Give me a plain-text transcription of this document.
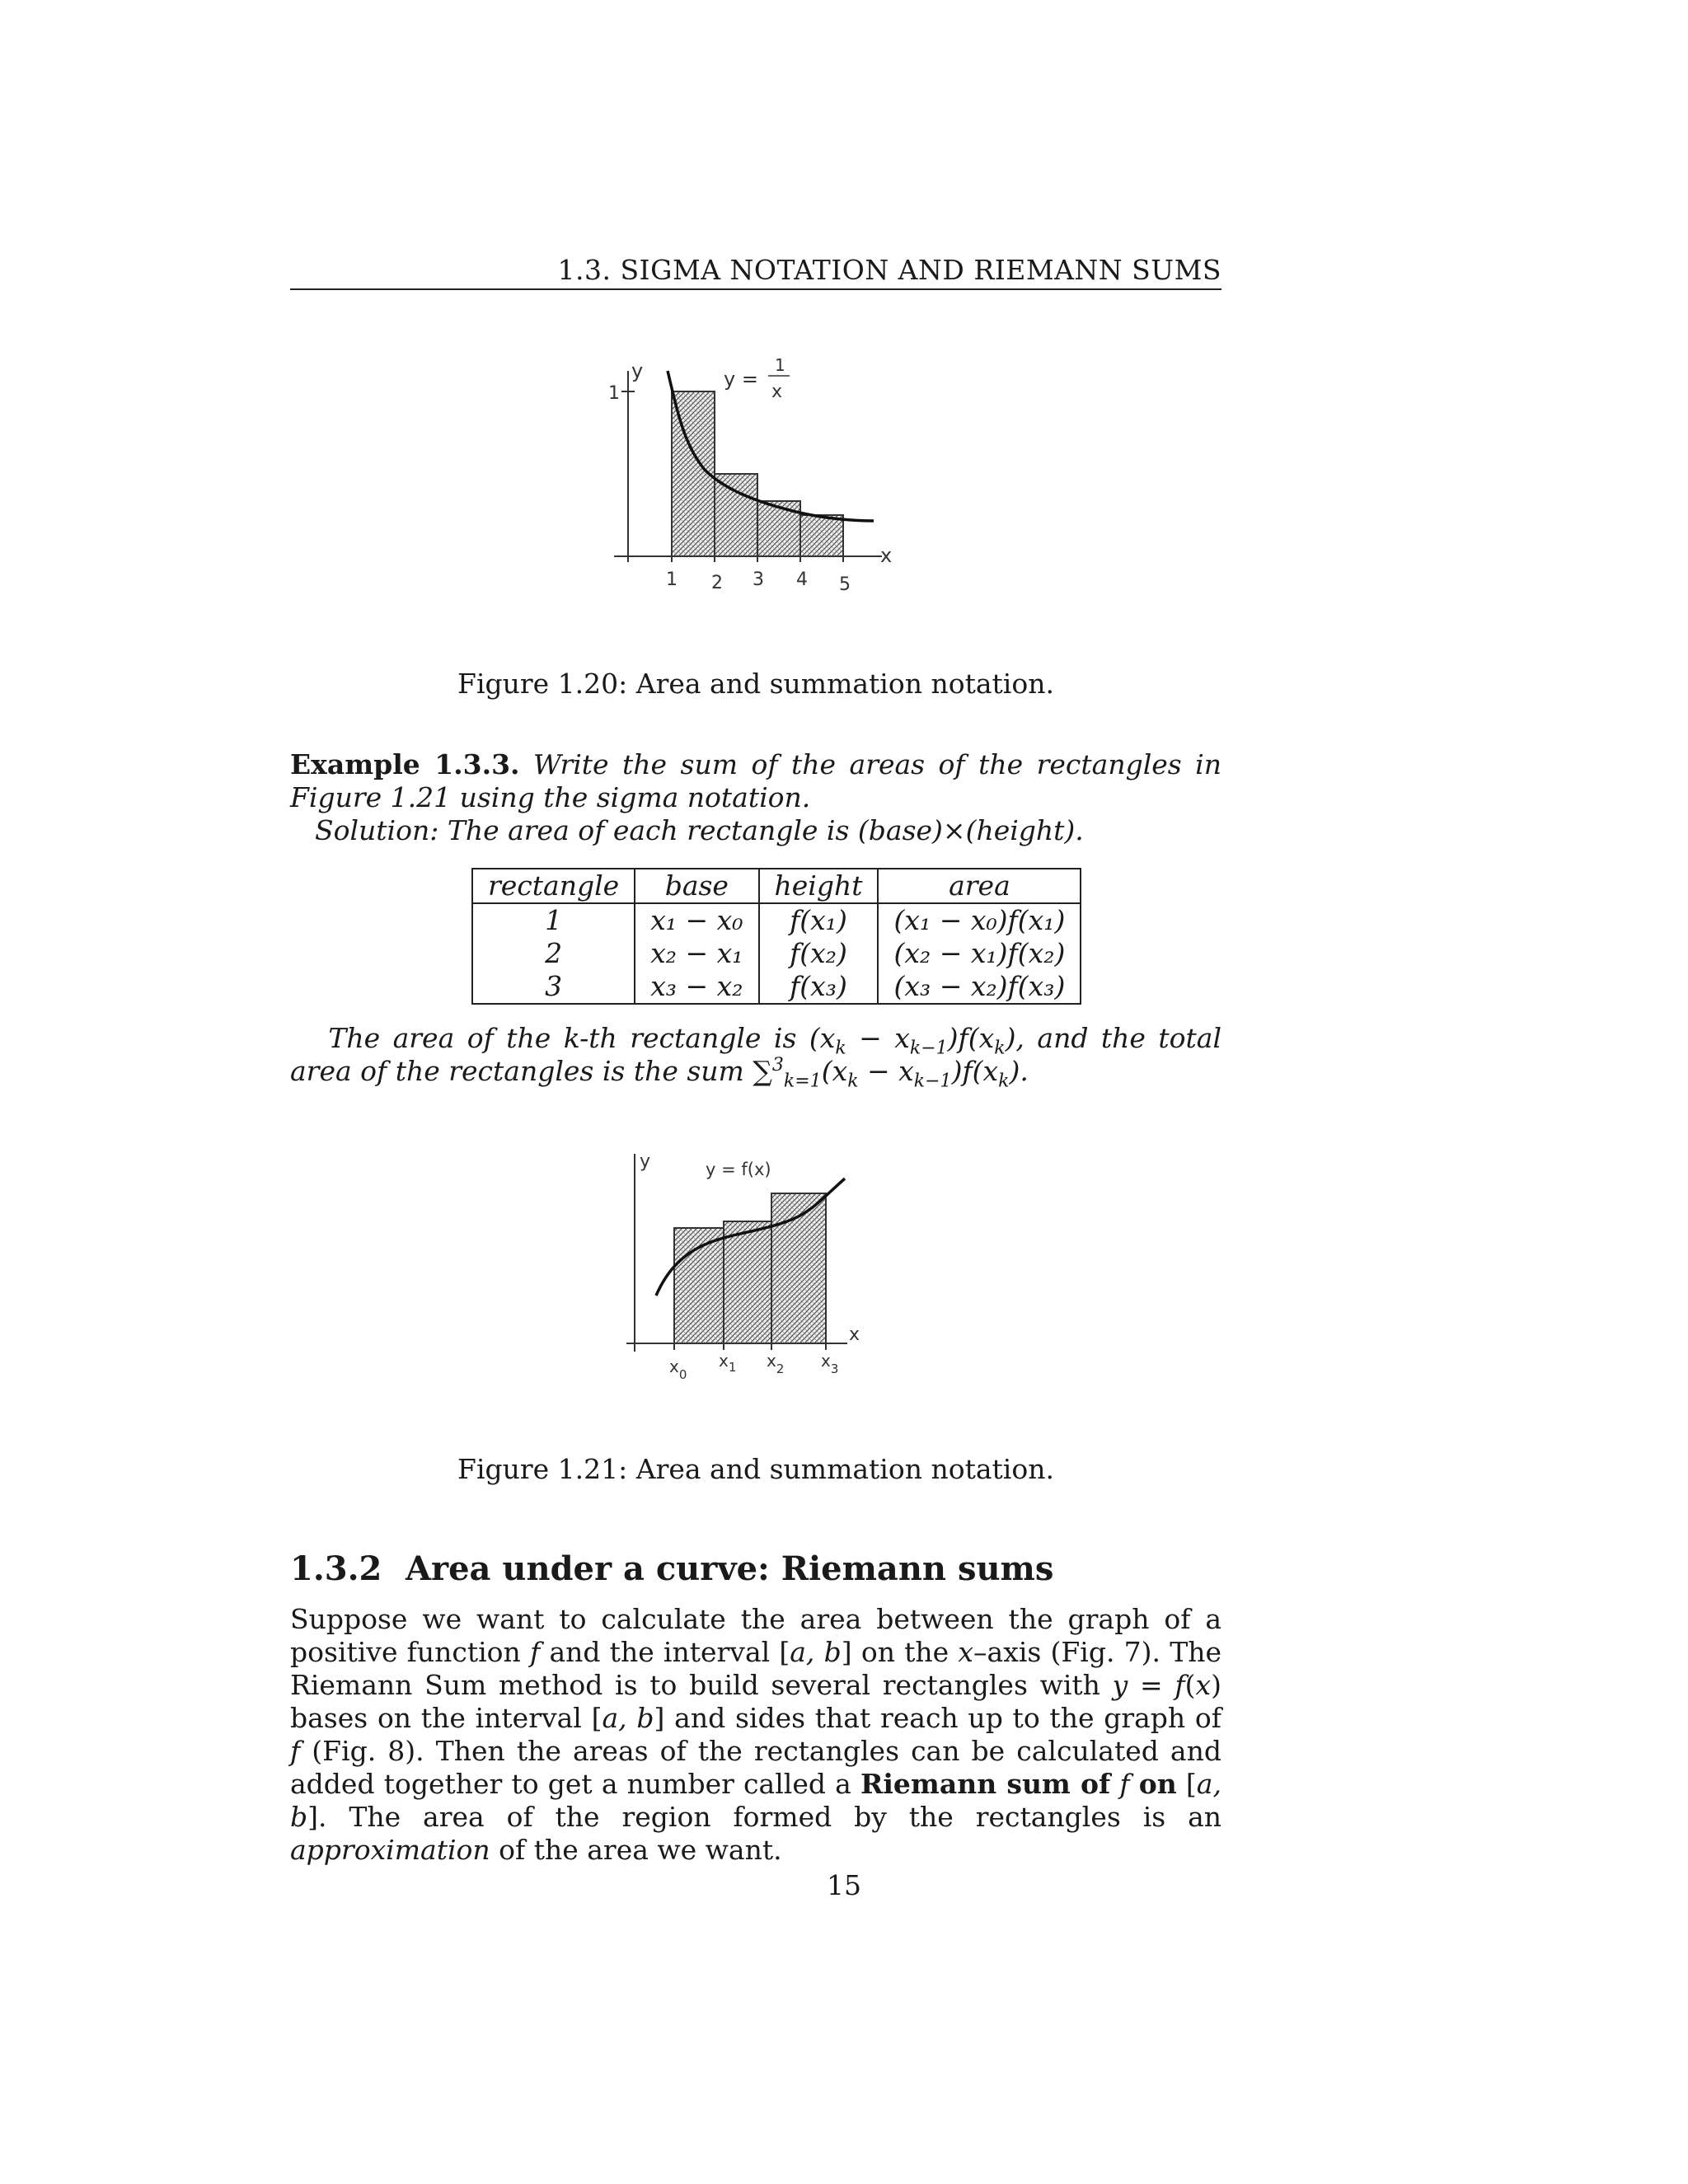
1.3. SIGMA NOTATION AND RIEMANN SUMS
1
y
x
y =
1
x
1 2 3 4 5
Figure 1.20: Area and summation notation.
Example 1.3.3. Write the sum of the areas of the rectangles in Figure 1.21 using the sigma notation.
Solution: The area of each rectangle is (base)×(height).
rectangle	base	height	area
1	x₁ − x₀	f(x₁)	(x₁ − x₀)f(x₁)
2	x₂ − x₁	f(x₂)	(x₂ − x₁)f(x₂)
3	x₃ − x₂	f(x₃)	(x₃ − x₂)f(x₃)
The area of the k-th rectangle is $(x_k - x_{k-1})f(x_k)$, and the total area of the rectangles is the sum $\sum^3_{k=1}(x_k - x_{k-1})f(x_k)$.
y
x
y = f(x)
$x_0$
$x_1$ $x_2$ $x_3$
Figure 1.21: Area and summation notation.
1.3.2 Area under a curve: Riemann sums
Suppose we want to calculate the area between the graph of a positive function f and the interval [a, b] on the x–axis (Fig. 7). The Riemann Sum method is to build several rectangles with y = f(x) bases on the interval [a, b] and sides that reach up to the graph of f (Fig. 8). Then the areas of the rectangles can be calculated and added together to get a number called a Riemann sum of f on [a, b]. The area of the region formed by the rectangles is an approximation of the area we want.
15
